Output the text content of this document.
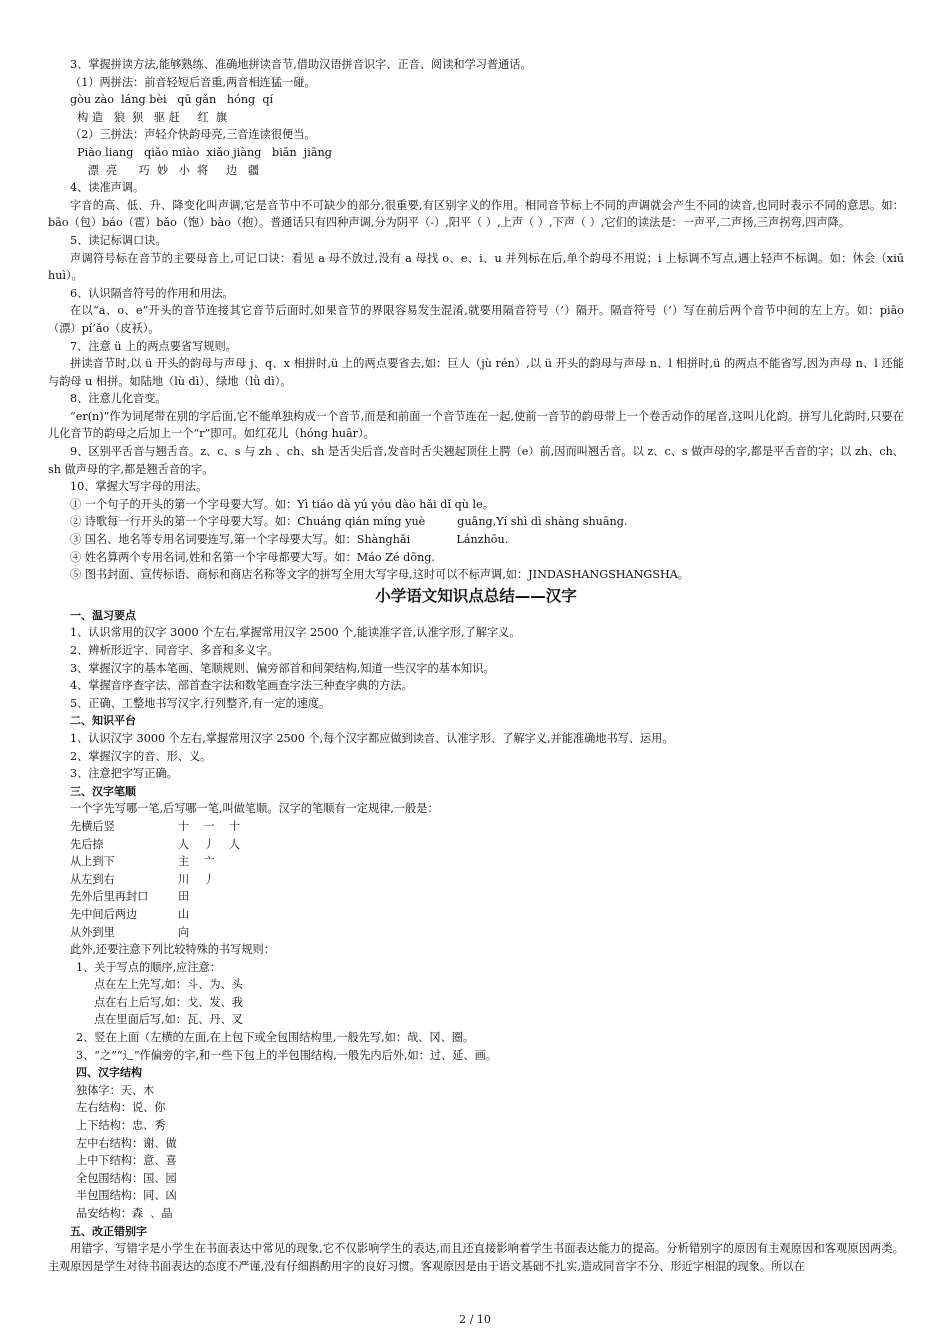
3、掌握拼读方法,能够熟练、准确地拼读音节,借助汉语拼音识字、正音、阅读和学习普通话。
（1）两拼法：前音轻短后音重,两音相连猛一碰。
gòu zào  láng bèi   qū gǎn   hóng  qí
构 造   狼  狈   驱 赶     红  旗
（2）三拼法：声轻介快韵母亮,三音连读很便当。
Piào liang   qiǎo miào  xiǎo jiàng   biān  jiāng
漂  亮      巧  妙   小  将     边   疆
4、读准声调。
字音的高、低、升、降变化叫声调,它是音节中不可缺少的部分,很重要,有区别字义的作用。相同音节标上不同的声调就会产生不同的读音,也同时表示不同的意思。如： bāo（包）báo（雹）bǎo（饱）bào（抱）。普通话只有四种声调,分为阴平（-）,阳平（ ）,上声（ ）,下声（ ）,它们的读法是：一声平,二声扬,三声拐弯,四声降。
5、读记标调口诀。
声调符号标在音节的主要母音上,可记口诀：看见 a 母不放过,没有 a 母找 o、e、i、u 并列标在后,单个韵母不用说；i 上标调不写点,遇上轻声不标调。如：休会（xiū huì）。
6、认识隔音符号的作用和用法。
在以“a、o、e”开头的音节连接其它音节后面时,如果音节的界限容易发生混淆,就要用隔音符号（’）隔开。隔音符号（’）写在前后两个音节中间的左上方。如：piāo（漂）pí’ǎo（皮袄）。
7、注意 ü 上的两点要省写规则。
拼读音节时,以 ü 开头的韵母与声母 j、q、x 相拼时,ü 上的两点要省去,如：巨人（jù rén）,以 ü 开头的韵母与声母 n、l 相拼时,ü 的两点不能省写,因为声母 n、l 还能与韵母 u 相拼。如陆地（lù dì）、绿地（lǜ dì）。
8、注意儿化音变。
“er(n)”作为词尾带在别的字后面,它不能单独构成一个音节,而是和前面一个音节连在一起,使前一音节的韵母带上一个卷舌动作的尾音,这叫儿化韵。拼写儿化韵时,只要在儿化音节的韵母之后加上一个“r”即可。如红花儿（hóng huār）。
9、区别平舌音与翘舌音。z、c、s 与 zh 、ch、sh 是舌尖后音,发音时舌尖翘起顶住上腭（e）前,因而叫翘舌音。以 z、c、s 做声母的字,都是平舌音的字；以 zh、ch、sh 做声母的字,都是翘舌音的字。
10、掌握大写字母的用法。
① 一个句子的开头的第一个字母要大写。如：Yì tiáo dà yú yóu dào hǎi dǐ qù le。
② 诗歌每一行开头的第一个字母要大写。如：Chuáng qián míng yuè         guāng,Yí shì dì shàng shuāng.
③ 国名、地名等专用名词要连写,第一个字母要大写。如：Shànghǎi             Lánzhōu.
④ 姓名算两个专用名词,姓和名第一个字母都要大写。如：Máo Zé dōng.
⑤ 图书封面、宣传标语、商标和商店名称等文字的拼写全用大写字母,这时可以不标声调,如：JINDASHANGSHANGSHA。
小学语文知识点总结——汉字
一、温习要点
1、认识常用的汉字 3000 个左右,掌握常用汉字 2500 个,能读准字音,认准字形,了解字义。
2、辨析形近字、同音字、多音和多义字。
3、掌握汉字的基本笔画、笔顺规则、偏旁部首和间架结构,知道一些汉字的基本知识。
4、掌握音序查字法、部首查字法和数笔画查字法三种查字典的方法。
5、正确、工整地书写汉字,行列整齐,有一定的速度。
二、知识平台
1、认识汉字 3000 个左右,掌握常用汉字 2500 个,每个汉字都应做到读音、认准字形、了解字义,并能准确地书写、运用。
2、掌握汉字的音、形、义。
3、注意把字写正确。
三、汉字笔顺
一个字先写哪一笔,后写哪一笔,叫做笔顺。汉字的笔顺有一定规律,一般是：
先横后竖	十    一    十
先后捺	人    丿    人
从上到下	主    亠
从左到右	川    丿
先外后里再封口	田
先中间后两边	山
从外到里	向
此外,还要注意下列比较特殊的书写规则：
1、关于写点的顺序,应注意：
点在左上先写,如：斗、为、头
点在右上后写,如：戈、发、我
点在里面后写,如：瓦、丹、叉
2、竖在上面（左横的左面,在上包下或全包围结构里,一般先写,如：哉、冈、圈。
3、“之”“辶”作偏旁的字,和一些下包上的半包围结构,一般先内后外,如：过、延、画。
四、汉字结构
独体字：天、木
左右结构：说、你
上下结构：忠、秀
左中右结构：谢、做
上中下结构：意、喜
全包围结构：国、园
半包围结构：同、凶
品安结构：森  、晶
五、改正错别字
用错字、写错字是小学生在书面表达中常见的现象,它不仅影响学生的表达,而且还直接影响着学生书面表达能力的提高。分析错别字的原因有主观原因和客观原因两类。主观原因是学生对待书面表达的态度不严谨,没有仔细斟酌用字的良好习惯。客观原因是由于语文基础不扎实,造成同音字不分、形近字相混的现象。所以在
2 / 10
